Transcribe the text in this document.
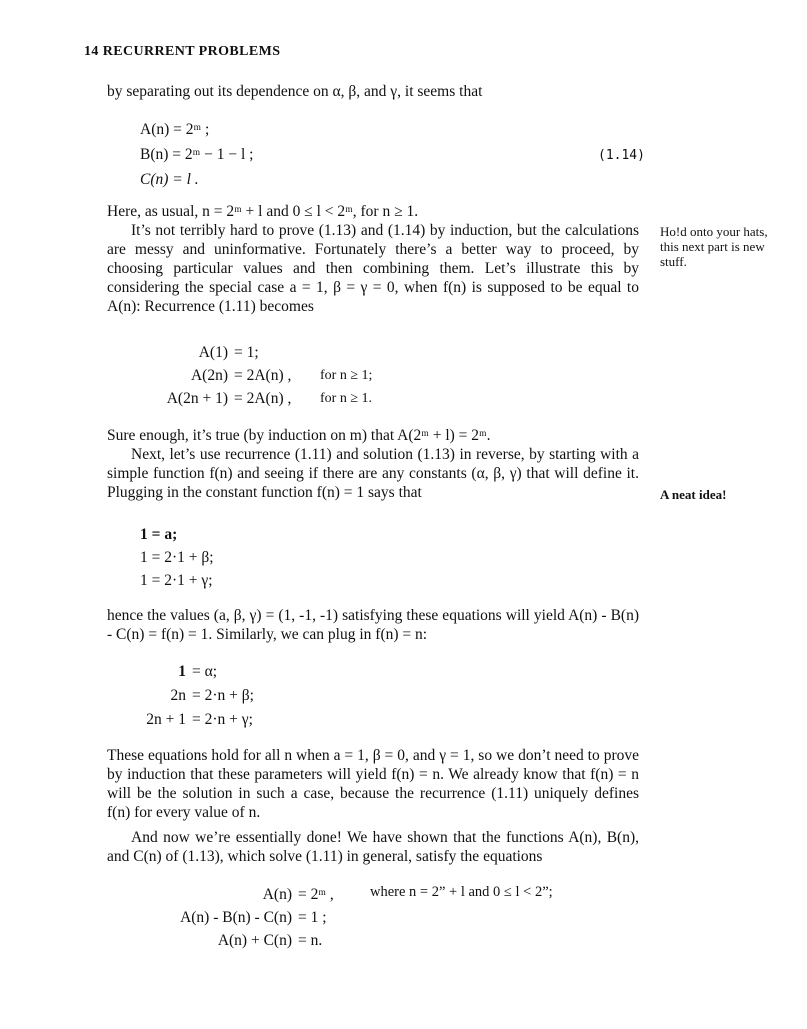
14 RECURRENT PROBLEMS
by separating out its dependence on α, β, and γ, it seems that
A(n) = 2ᵐ ;
B(n) = 2ᵐ − 1 − l ;
C(n) = l .
(1.14)
Here, as usual, n = 2ᵐ + l and 0 ≤ l < 2ᵐ, for n ≥ 1.
It’s not terribly hard to prove (1.13) and (1.14) by induction, but the calculations are messy and uninformative. Fortunately there’s a better way to proceed, by choosing particular values and then combining them. Let’s illustrate this by considering the special case a = 1, β = γ = 0, when f(n) is supposed to be equal to A(n): Recurrence (1.11) becomes
Ho!d onto your hats, this next part is new stuff.
A(1) = 1;
A(2n) = 2A(n) , for n ≥ 1;
A(2n + 1) = 2A(n) , for n ≥ 1.
Sure enough, it’s true (by induction on m) that A(2ᵐ + l) = 2ᵐ.
Next, let’s use recurrence (1.11) and solution (1.13) in reverse, by starting with a simple function f(n) and seeing if there are any constants (α, β, γ) that will define it. Plugging in the constant function f(n) = 1 says that	A neat idea!
1 = a;
1 = 2·1 + β;
1 = 2·1 + γ;
hence the values (a, β, γ) = (1, -1, -1) satisfying these equations will yield A(n) - B(n) - C(n) = f(n) = 1. Similarly, we can plug in f(n) = n:
1 = α;
2n = 2·n + β;
2n + 1 = 2·n + γ;
These equations hold for all n when a = 1, β = 0, and γ = 1, so we don’t need to prove by induction that these parameters will yield f(n) = n. We already know that f(n) = n will be the solution in such a case, because the recurrence (1.11) uniquely defines f(n) for every value of n.
And now we’re essentially done! We have shown that the functions A(n), B(n), and C(n) of (1.13), which solve (1.11) in general, satisfy the equations
A(n) = 2ᵐ ,	where n = 2” + l and 0 ≤ l < 2”;
A(n) - B(n) - C(n) = 1 ;
A(n) + C(n) = n.
